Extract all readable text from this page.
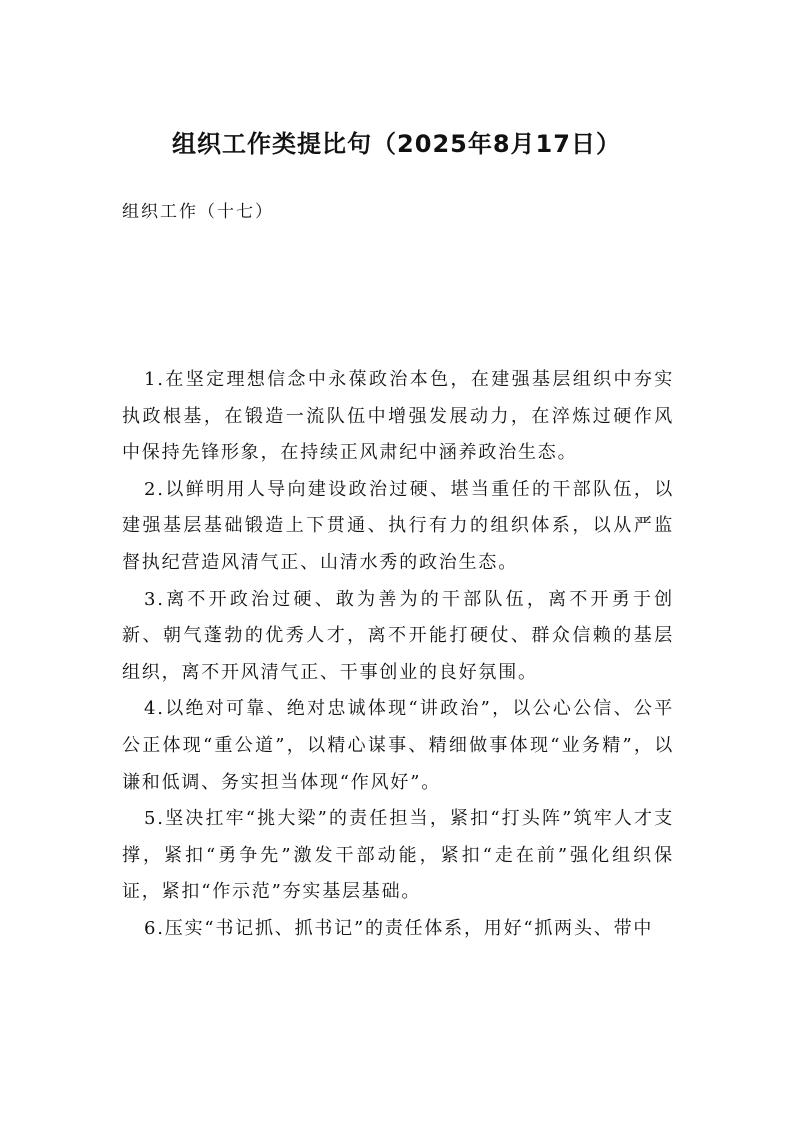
组织工作类提比句（2025年8月17日）
组织工作（十七）

1.在坚定理想信念中永葆政治本色，在建强基层组织中夯实执政根基，在锻造一流队伍中增强发展动力，在淬炼过硬作风中保持先锋形象，在持续正风肃纪中涵养政治生态。

2.以鲜明用人导向建设政治过硬、堪当重任的干部队伍，以建强基层基础锻造上下贯通、执行有力的组织体系，以从严监督执纪营造风清气正、山清水秀的政治生态。

3.离不开政治过硬、敢为善为的干部队伍，离不开勇于创新、朝气蓬勃的优秀人才，离不开能打硬仗、群众信赖的基层组织，离不开风清气正、干事创业的良好氛围。

4.以绝对可靠、绝对忠诚体现“讲政治”，以公心公信、公平公正体现“重公道”，以精心谋事、精细做事体现“业务精”，以谦和低调、务实担当体现“作风好”。

5.坚决扛牢“挑大梁”的责任担当，紧扣“打头阵”筑牢人才支撑，紧扣“勇争先”激发干部动能，紧扣“走在前”强化组织保证，紧扣“作示范”夯实基层基础。

6.压实“书记抓、抓书记”的责任体系，用好“抓两头、带中
